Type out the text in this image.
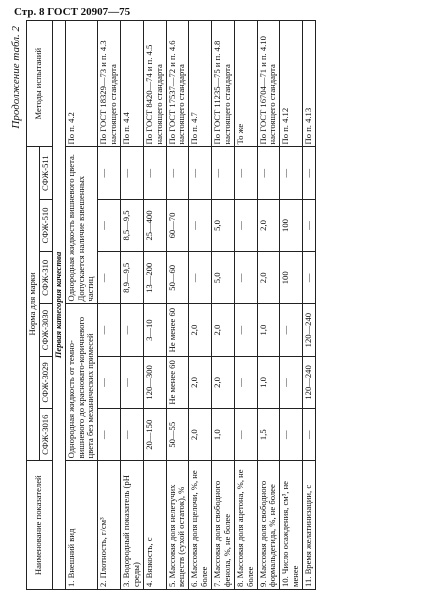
Стр. 8 ГОСТ 20907—75
Продолжение табл. 2
Наименование показателей	Норма для марки						Методы испытаний
	СФЖ-3016	СФЖ-3029	СФЖ-3030	СФЖ-310	СФЖ-510	СФЖ-511	
Первая категория качества							
1. Внешний вид	Однородная жидкость от темно-вишневого до красновато-коричневого цвета без механических примесей			Однородная жидкость вишневого цвета. Допускается наличие взвешенных частиц			По п. 4.2
2. Плотность, г/см³	—	—	—	—	—	—	По ГОСТ 18329—73 и п. 4.3 настоящего стандарта
3. Водородный показатель (pH среды)	—	—	—	8,9—9,5	8,5—9,5	—	По п. 4.4
4. Вязкость, с	20—150	120—300	3—10	13—200	25—400	—	По ГОСТ 8420—74 и п. 4.5 настоящего стандарта
5. Массовая доля нелетучих веществ (сухой остаток), %	50—55	Не менее 60	Не менее 60	50—60	60—70	—	По ГОСТ 17537—72 и п. 4.6 настоящего стандарта
6. Массовая доля щелочи, %, не более	2,0	2,0	2,0	—	—	—	По п. 4.7
7. Массовая доля свободного фенола, %, не более	1,0	2,0	2,0	5,0	5,0	—	По ГОСТ 11235—75 и п. 4.8 настоящего стандарта
8. Массовая доля ацетона, %, не более	—	—	—	—	—	—	То же
9. Массовая доля свободного формальдегида, %, не более	1,5	1,0	1,0	2,0	2,0	—	По ГОСТ 16704—71 и п. 4.10 настоящего стандарта
10. Число осаждения, см³, не менее	—	—	—	100	100	—	По п. 4.12
11. Время желатинизации, с	—	120—240	120—240	—	—	—	По п. 4.13
